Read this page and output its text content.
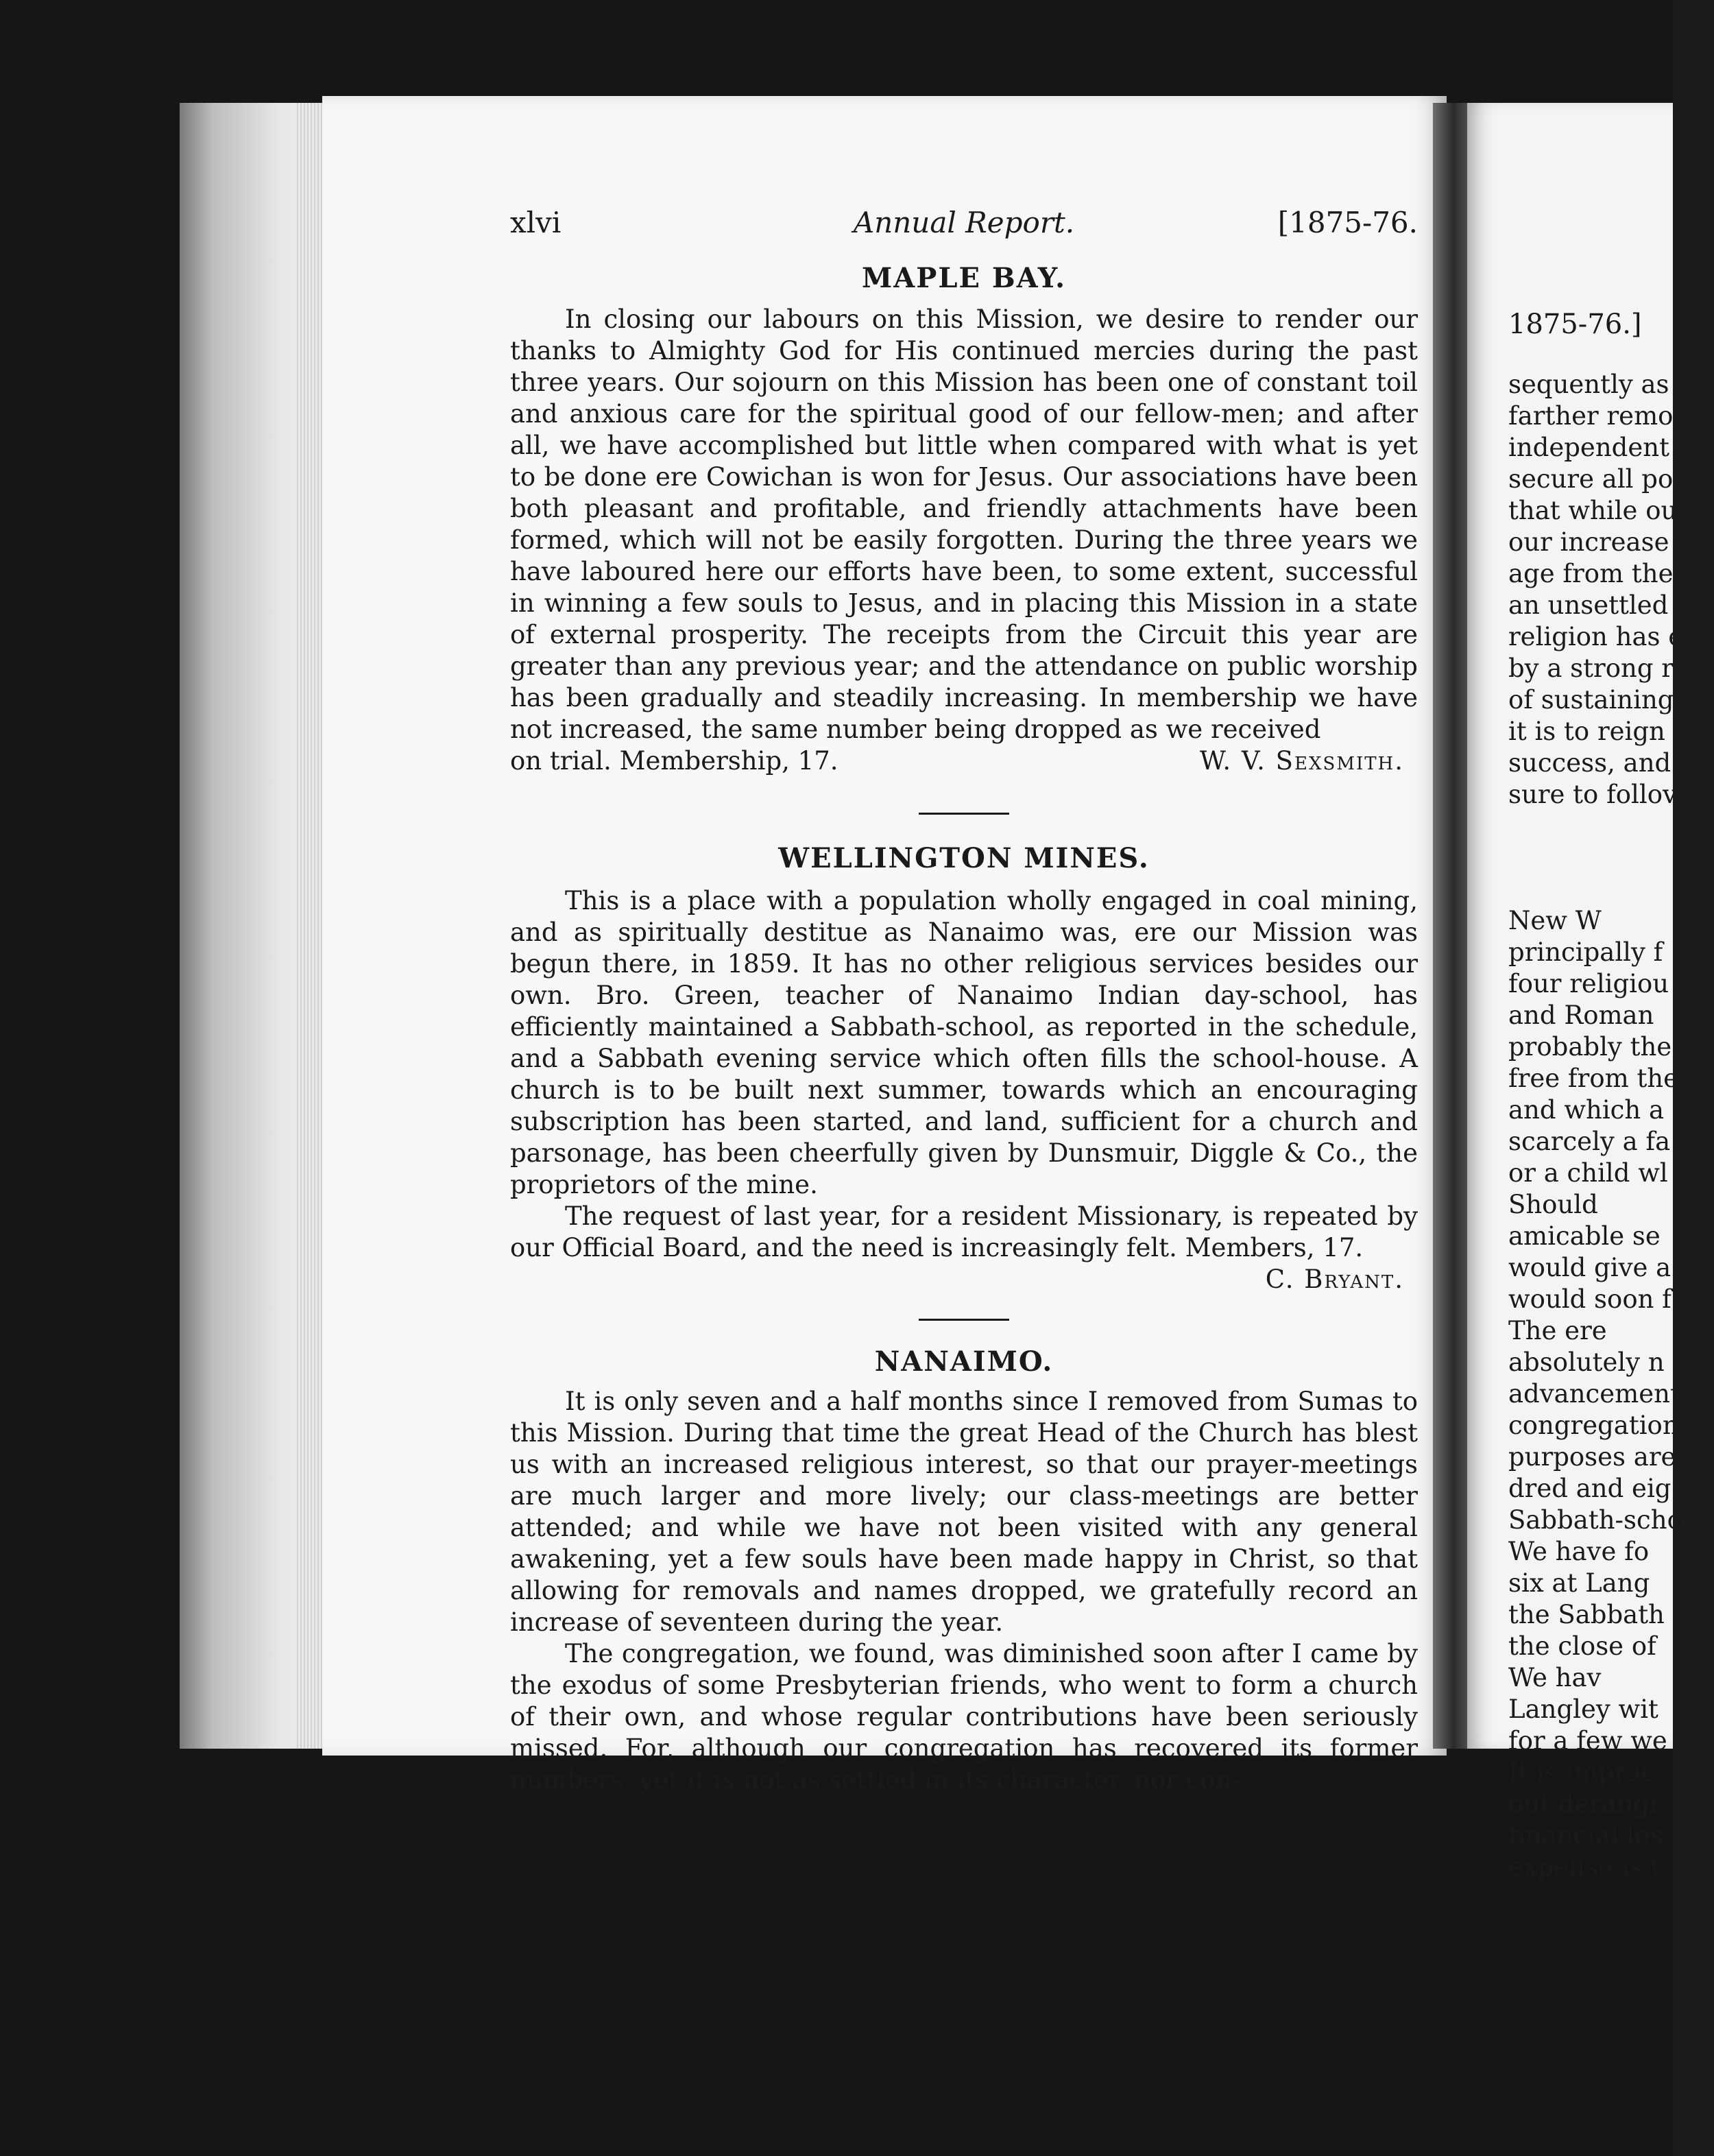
1875-76.]
sequently as
farther remo
independent
secure all po
that while ou
our increase
age from the
an unsettled
religion has e
by a strong r
of sustaining
it is to reign
success, and
sure to follov
New W
principally f
four religiou
and Roman
probably the
free from the
and which a
scarcely a fa
or a child wl
Should
amicable se
would give a
would soon f
The ere
absolutely n
advancement
congregation
purposes are
dred and eig
Sabbath-scho
We have fo
six at Lang
the Sabbath
the close of
We hav
Langley wit
for a few we
It is imprac
out derangi
financial los
expense is t
xlvi	Annual Report.	[1875-76.
MAPLE BAY.

In closing our labours on this Mission, we desire to render our thanks to Almighty God for His continued mercies during the past three years. Our sojourn on this Mission has been one of constant toil and anxious care for the spiritual good of our fellow-men; and after all, we have accomplished but little when compared with what is yet to be done ere Cowichan is won for Jesus. Our associations have been both pleasant and profitable, and friendly attachments have been formed, which will not be easily forgotten. During the three years we have laboured here our efforts have been, to some extent, successful in winning a few souls to Jesus, and in placing this Mission in a state of external prosperity. The receipts from the Circuit this year are greater than any previous year; and the attendance on public worship has been gradually and steadily increasing. In membership we have not increased, the same number being dropped as we received

on trial. Membership, 17.	W. V. Sexsmith.
WELLINGTON MINES.

This is a place with a population wholly engaged in coal mining, and as spiritually destitue as Nanaimo was, ere our Mission was begun there, in 1859. It has no other religious services besides our own. Bro. Green, teacher of Nanaimo Indian day-school, has efficiently maintained a Sabbath-school, as reported in the schedule, and a Sabbath evening service which often fills the school-house. A church is to be built next summer, towards which an encouraging subscription has been started, and land, sufficient for a church and parsonage, has been cheerfully given by Dunsmuir, Diggle & Co., the proprietors of the mine.

The request of last year, for a resident Missionary, is repeated by our Official Board, and the need is increasingly felt. Members, 17.

C. Bryant.
NANAIMO.

It is only seven and a half months since I removed from Sumas to this Mission. During that time the great Head of the Church has blest us with an increased religious interest, so that our prayer-meetings are much larger and more lively; our class-meetings are better attended; and while we have not been visited with any general awakening, yet a few souls have been made happy in Christ, so that allowing for removals and names dropped, we gratefully record an increase of seventeen during the year.

The congregation, we found, was diminished soon after I came by the exodus of some Presbyterian friends, who went to form a church of their own, and whose regular contributions have been seriously missed. For, although our congregation has recovered its former numbers, yet it is not as settled in its character, nor con-
